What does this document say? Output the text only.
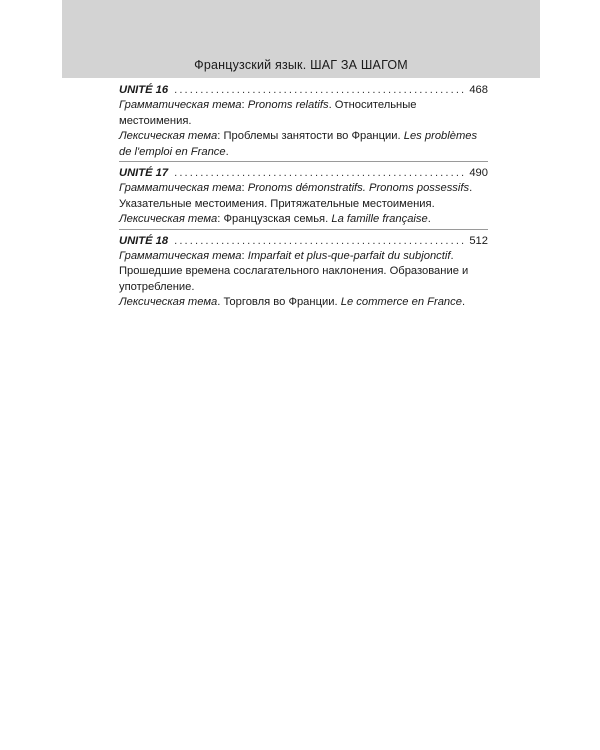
Французский язык. ШАГ ЗА ШАГОМ
UNITÉ 16 . . .	468

Грамматическая тема: Pronoms relatifs. Относительные местоимения.

Лексическая тема: Проблемы занятости во Франции. Les problèmes

de l'emploi en France.

UNITÉ 17 . . .	490

Грамматическая тема: Pronoms démonstratifs. Pronoms possessifs.

Указательные местоимения. Притяжательные местоимения.

Лексическая тема: Французская семья. La famille française.

UNITÉ 18 . . .	512

Грамматическая тема: Imparfait et plus-que-parfait du subjonctif.

Прошедшие времена сослагательного наклонения. Образование и

употребление.

Лексическая тема. Торговля во Франции. Le commerce en France.
